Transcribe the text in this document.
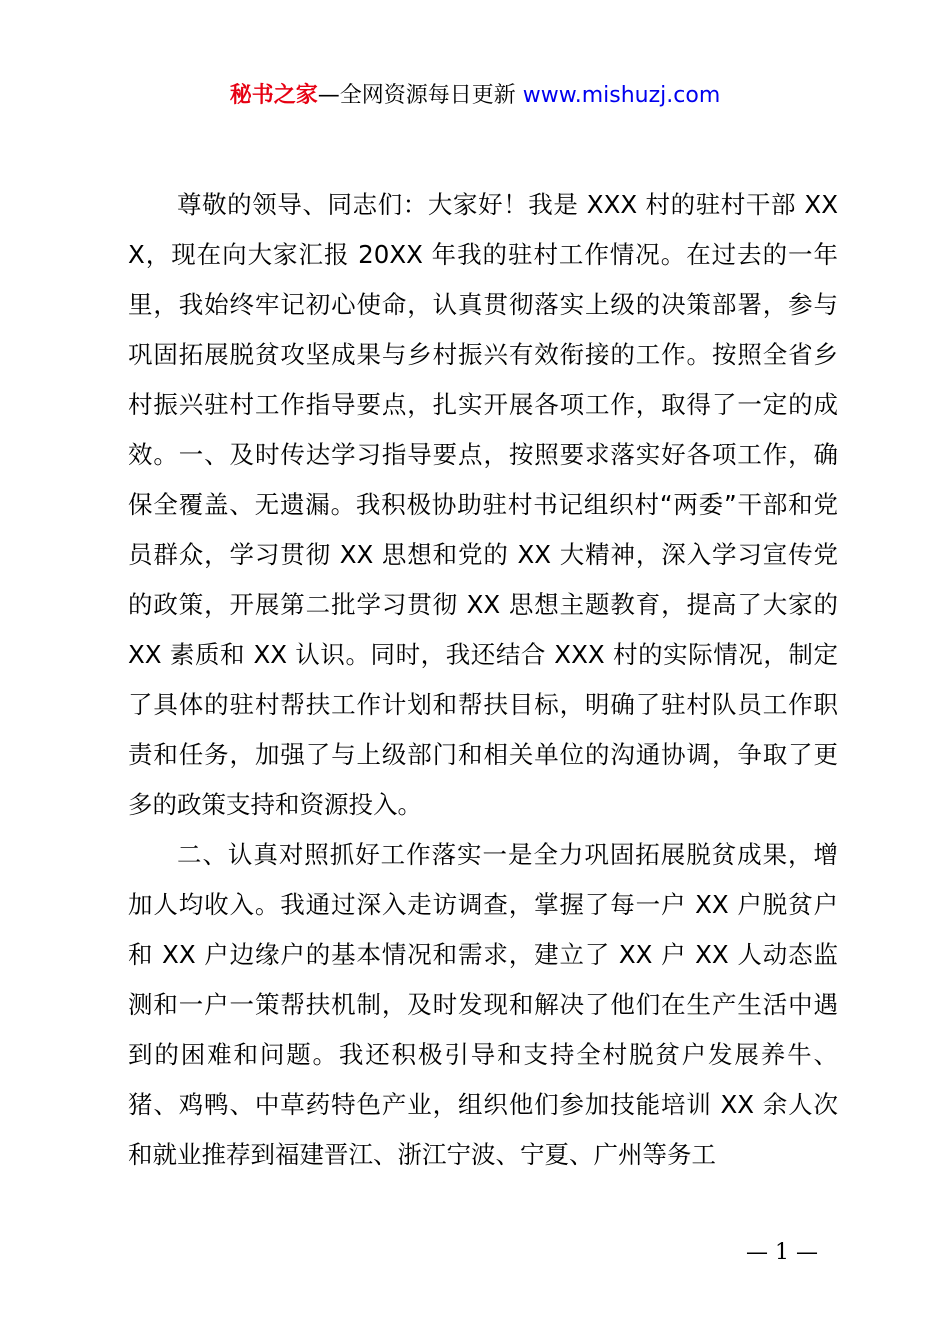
秘书之家—全网资源每日更新 www.mishuzj.com

尊敬的领导、同志们：大家好！我是 XXX 村的驻村干部 XXX，现在向大家汇报 20XX 年我的驻村工作情况。在过去的一年里，我始终牢记初心使命，认真贯彻落实上级的决策部署，参与巩固拓展脱贫攻坚成果与乡村振兴有效衔接的工作。按照全省乡村振兴驻村工作指导要点，扎实开展各项工作，取得了一定的成效。一、及时传达学习指导要点，按照要求落实好各项工作，确保全覆盖、无遗漏。我积极协助驻村书记组织村“两委”干部和党员群众，学习贯彻 XX 思想和党的 XX 大精神，深入学习宣传党的政策，开展第二批学习贯彻 XX 思想主题教育，提高了大家的 XX 素质和 XX 认识。同时，我还结合 XXX 村的实际情况，制定了具体的驻村帮扶工作计划和帮扶目标，明确了驻村队员工作职责和任务，加强了与上级部门和相关单位的沟通协调，争取了更多的政策支持和资源投入。

二、认真对照抓好工作落实一是全力巩固拓展脱贫成果，增加人均收入。我通过深入走访调查，掌握了每一户 XX 户脱贫户和 XX 户边缘户的基本情况和需求，建立了 XX 户 XX 人动态监测和一户一策帮扶机制，及时发现和解决了他们在生产生活中遇到的困难和问题。我还积极引导和支持全村脱贫户发展养牛、猪、鸡鸭、中草药特色产业，组织他们参加技能培训 XX 余人次和就业推荐到福建晋江、浙江宁波、宁夏、广州等务工

— 1 —
